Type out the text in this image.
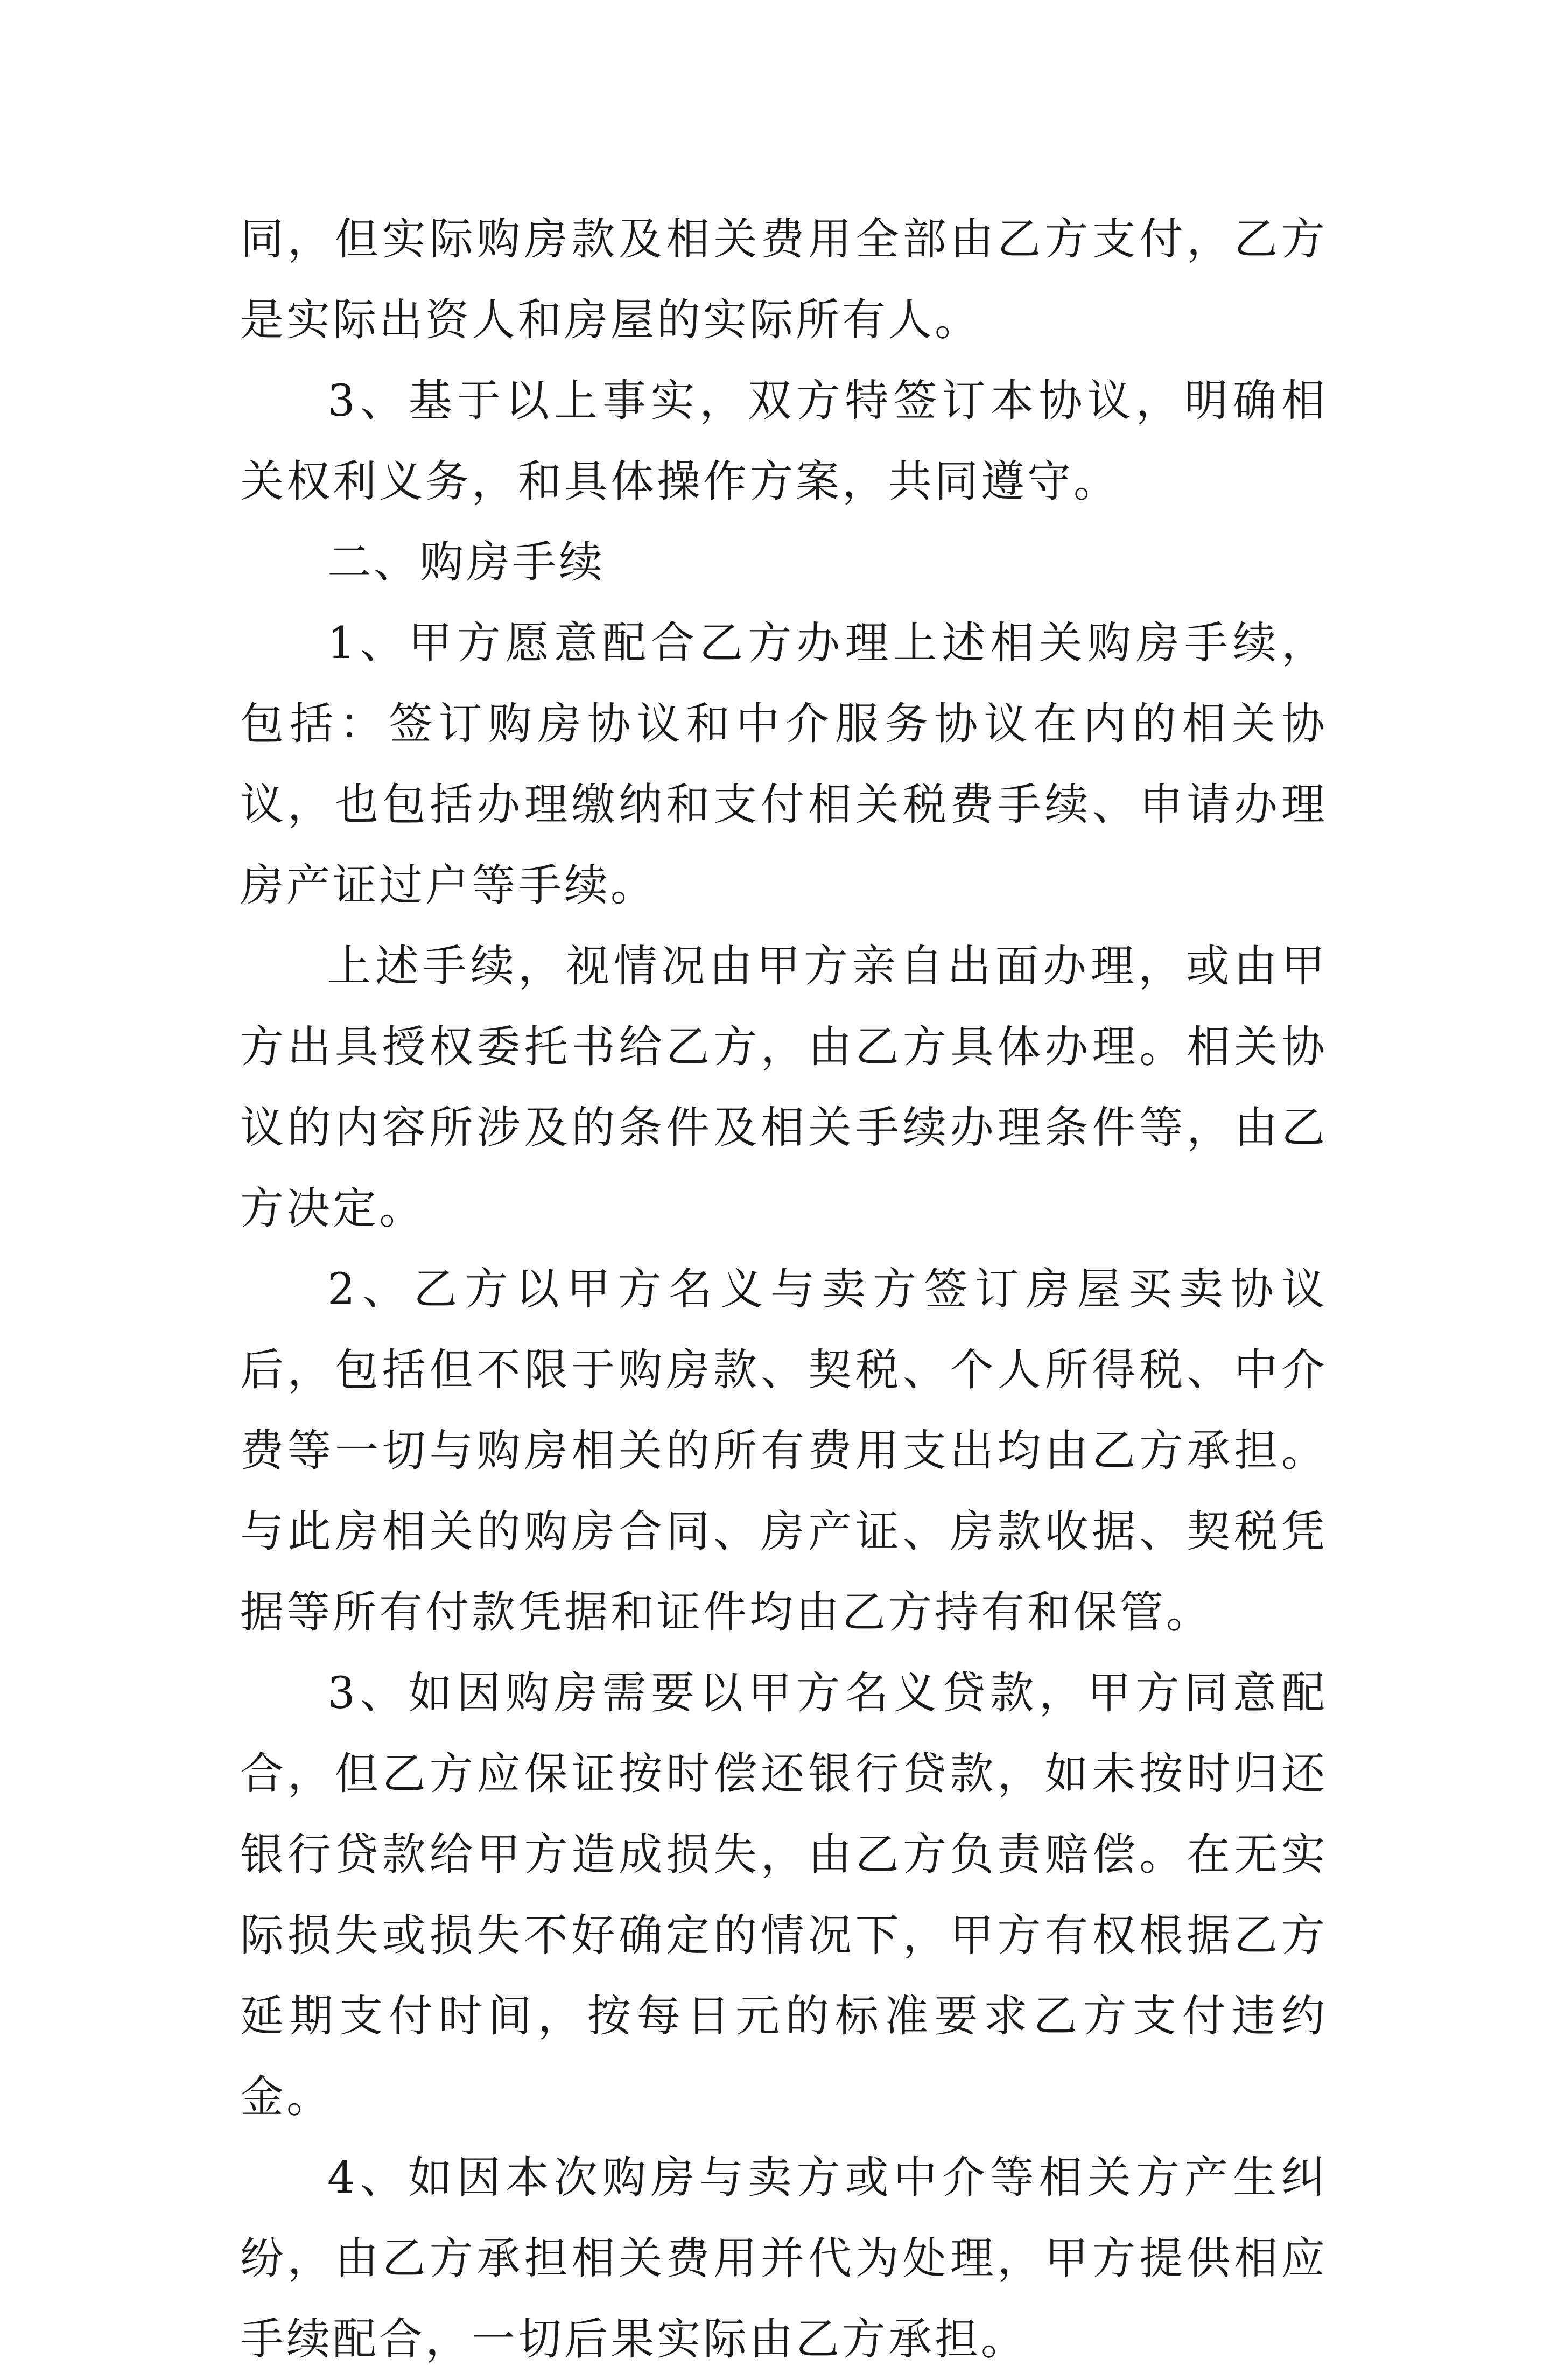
同，但实际购房款及相关费用全部由乙方支付，乙方是实际出资人和房屋的实际所有人。

3、基于以上事实，双方特签订本协议，明确相关权利义务，和具体操作方案，共同遵守。

二、购房手续

1、甲方愿意配合乙方办理上述相关购房手续，包括：签订购房协议和中介服务协议在内的相关协议，也包括办理缴纳和支付相关税费手续、申请办理房产证过户等手续。

上述手续，视情况由甲方亲自出面办理，或由甲方出具授权委托书给乙方，由乙方具体办理。相关协议的内容所涉及的条件及相关手续办理条件等，由乙方决定。

2、乙方以甲方名义与卖方签订房屋买卖协议后，包括但不限于购房款、契税、个人所得税、中介费等一切与购房相关的所有费用支出均由乙方承担。与此房相关的购房合同、房产证、房款收据、契税凭据等所有付款凭据和证件均由乙方持有和保管。

3、如因购房需要以甲方名义贷款，甲方同意配合，但乙方应保证按时偿还银行贷款，如未按时归还银行贷款给甲方造成损失，由乙方负责赔偿。在无实际损失或损失不好确定的情况下，甲方有权根据乙方延期支付时间，按每日元的标准要求乙方支付违约金。

4、如因本次购房与卖方或中介等相关方产生纠纷，由乙方承担相关费用并代为处理，甲方提供相应手续配合，一切后果实际由乙方承担。
